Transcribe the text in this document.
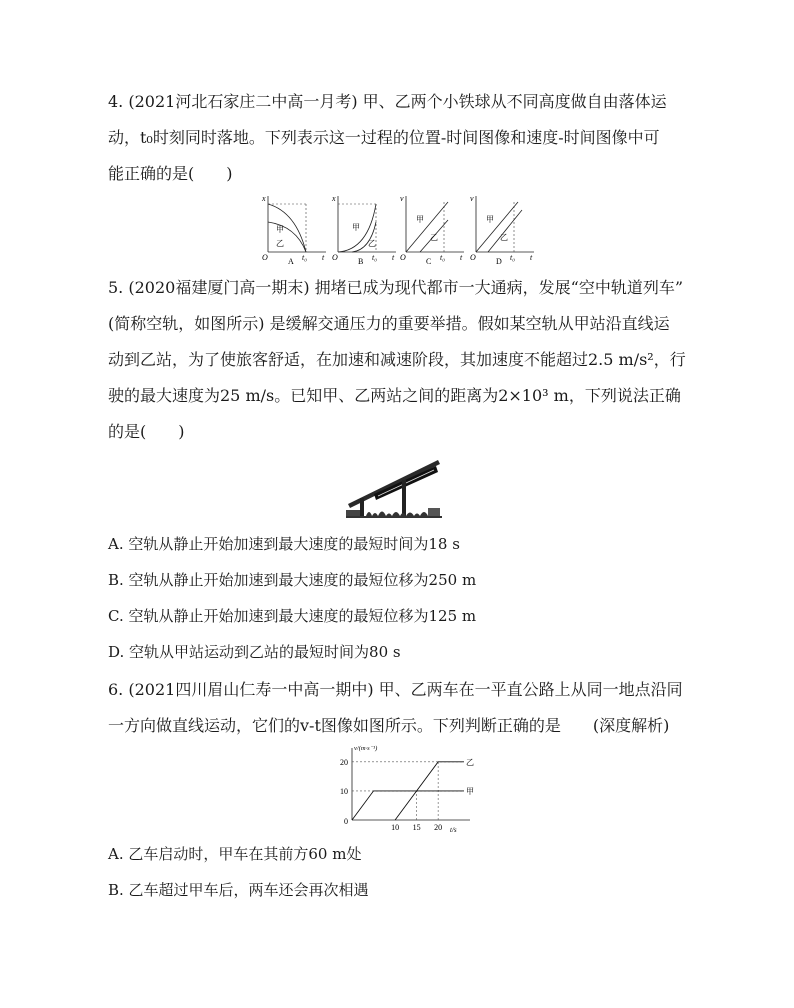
4. (2021河北石家庄二中高一月考) 甲、乙两个小铁球从不同高度做自由落体运
动，t₀时刻同时落地。下列表示这一过程的位置-时间图像和速度-时间图像中可
能正确的是(　　)
x
t
O	t₀
甲
乙
A
x
t
O	t₀
甲
乙
B
v
t
O	t₀
甲
乙
C
v
t
O	t₀
甲
乙
D
5. (2020福建厦门高一期末) 拥堵已成为现代都市一大通病，发展“空中轨道列车”
(简称空轨，如图所示) 是缓解交通压力的重要举措。假如某空轨从甲站沿直线运
动到乙站，为了使旅客舒适，在加速和减速阶段，其加速度不能超过2.5 m/s²，行
驶的最大速度为25 m/s。已知甲、乙两站之间的距离为2×10³ m，下列说法正确
的是(　　)
A. 空轨从静止开始加速到最大速度的最短时间为18 s
B. 空轨从静止开始加速到最大速度的最短位移为250 m
C. 空轨从静止开始加速到最大速度的最短位移为125 m
D. 空轨从甲站运动到乙站的最短时间为80 s
6. (2021四川眉山仁寿一中高一期中) 甲、乙两车在一平直公路上从同一地点沿同
一方向做直线运动，它们的v-t图像如图所示。下列判断正确的是　　(深度解析)
甲
乙
10 15 20
10
20
0
v/(m·s⁻¹)
t/s
A. 乙车启动时，甲车在其前方60 m处
B. 乙车超过甲车后，两车还会再次相遇
